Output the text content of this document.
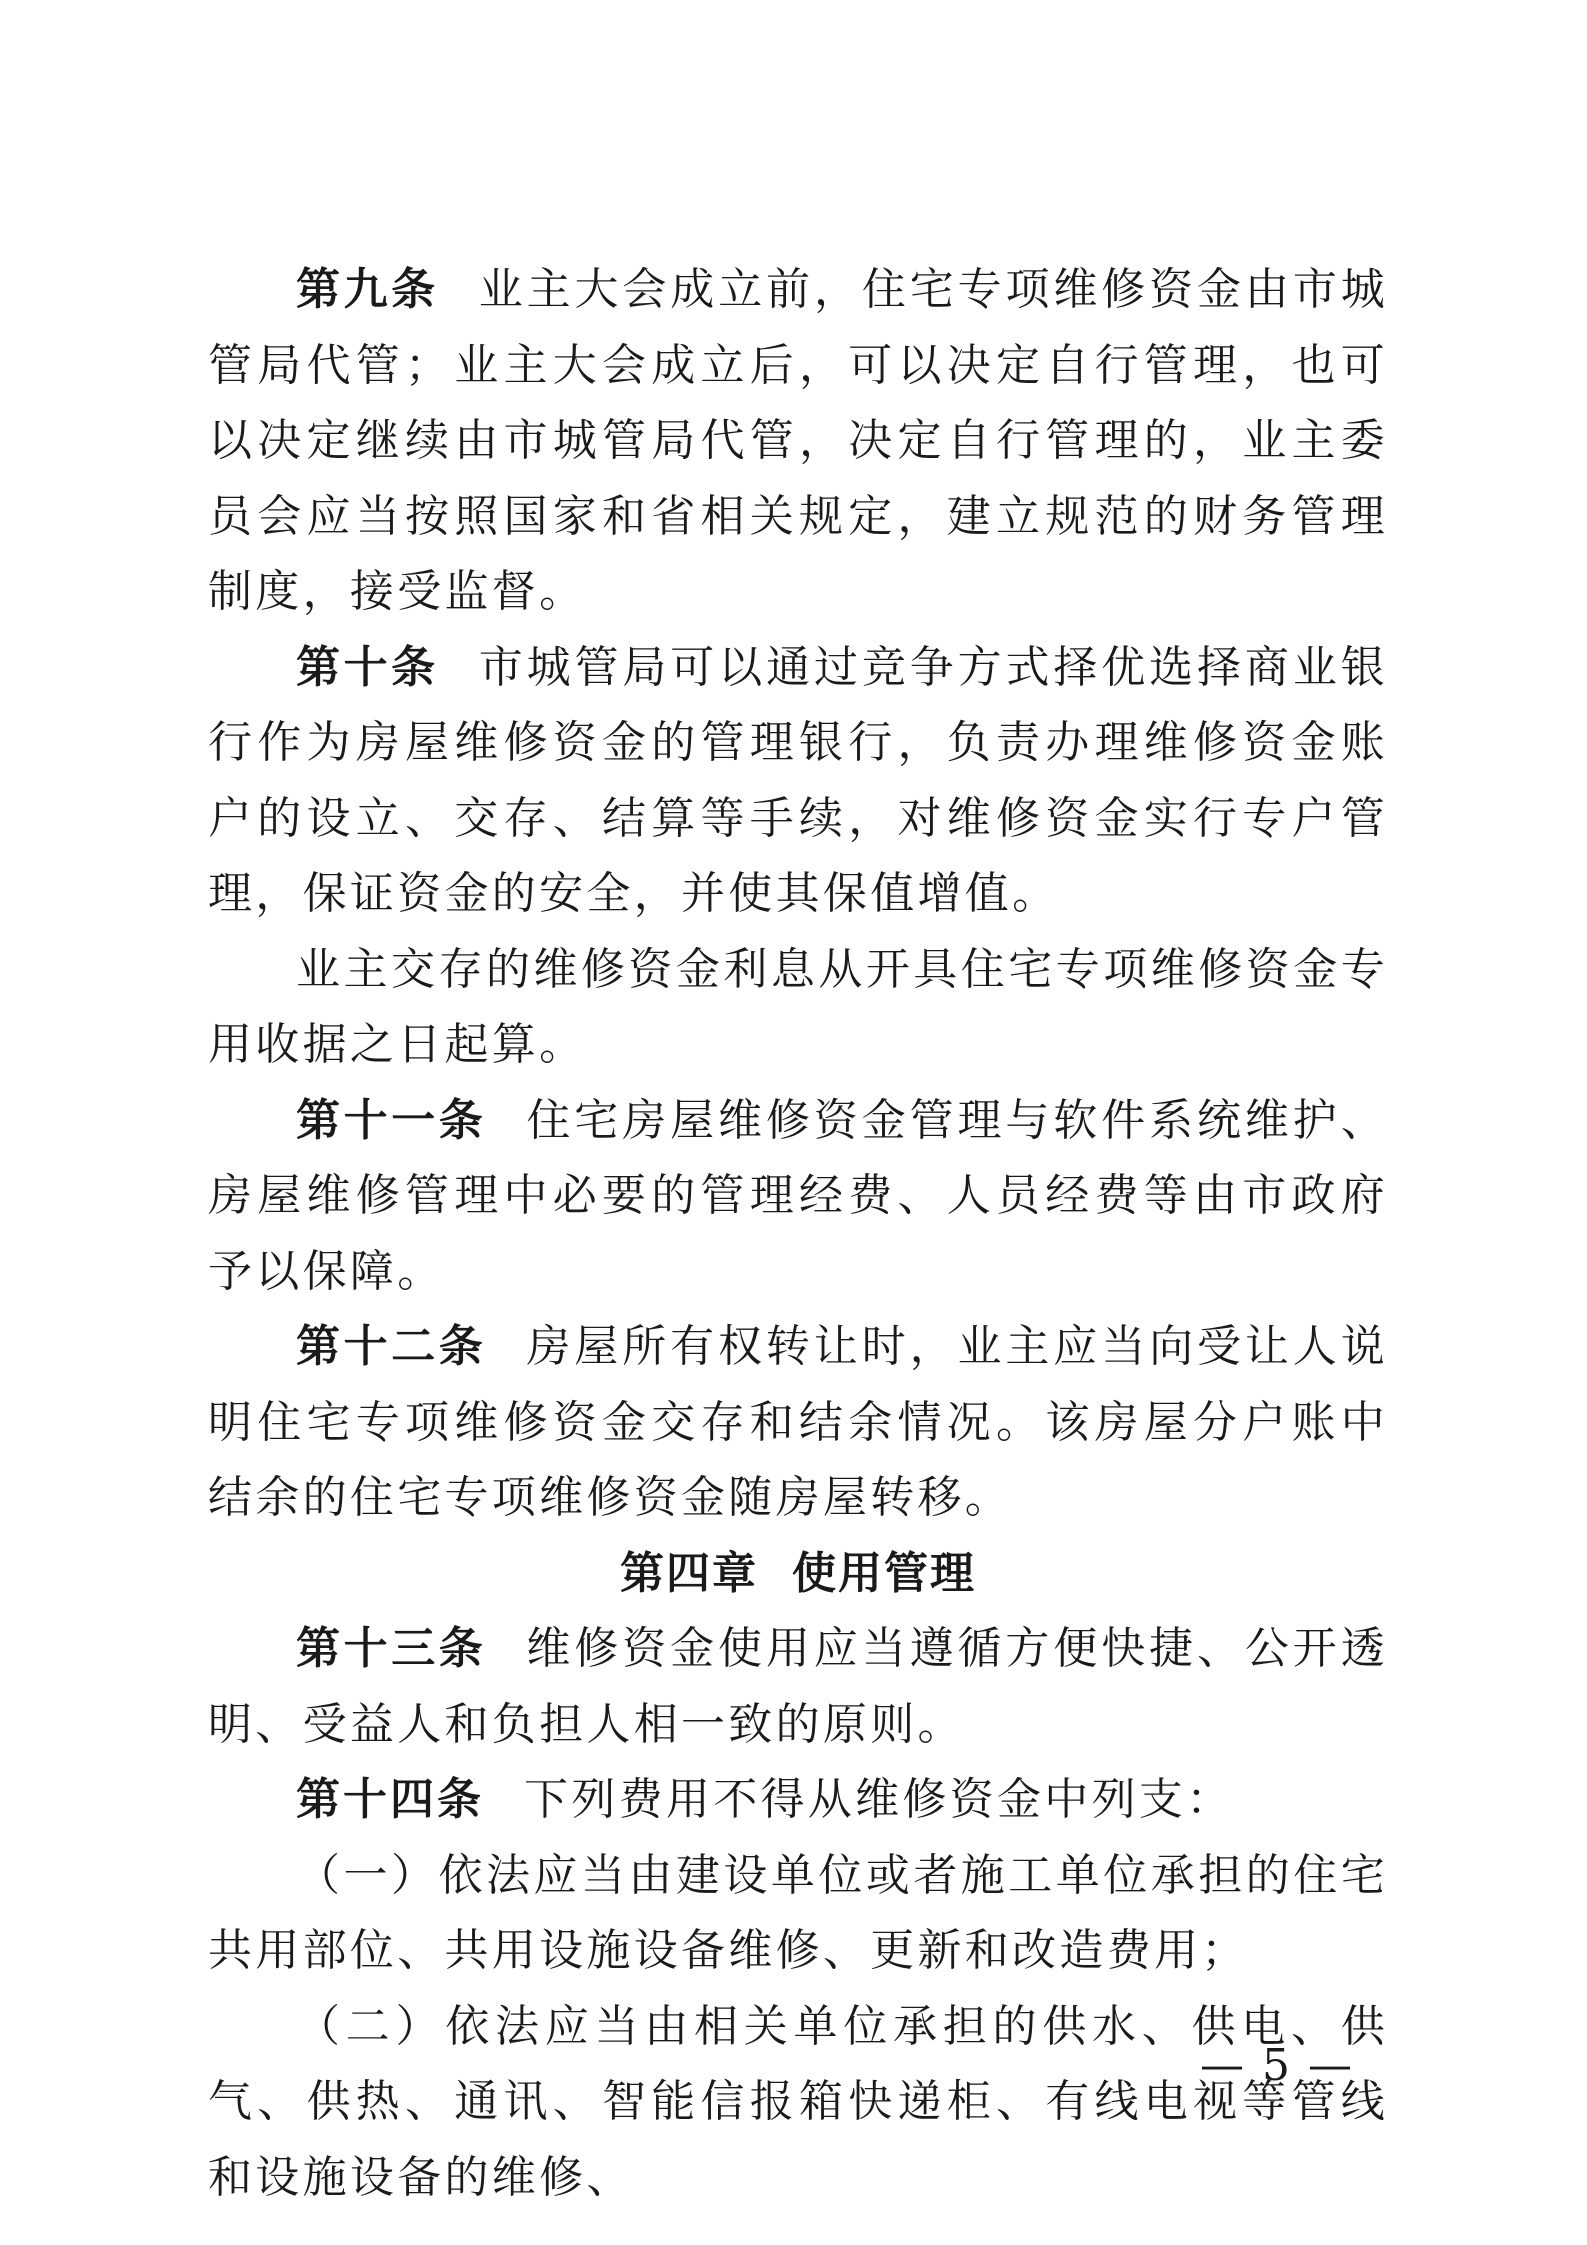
第九条 业主大会成立前，住宅专项维修资金由市城管局代管；业主大会成立后，可以决定自行管理，也可以决定继续由市城管局代管，决定自行管理的，业主委员会应当按照国家和省相关规定，建立规范的财务管理制度，接受监督。

第十条 市城管局可以通过竞争方式择优选择商业银行作为房屋维修资金的管理银行，负责办理维修资金账户的设立、交存、结算等手续，对维修资金实行专户管理，保证资金的安全，并使其保值增值。

业主交存的维修资金利息从开具住宅专项维修资金专用收据之日起算。

第十一条 住宅房屋维修资金管理与软件系统维护、房屋维修管理中必要的管理经费、人员经费等由市政府予以保障。

第十二条 房屋所有权转让时，业主应当向受让人说明住宅专项维修资金交存和结余情况。该房屋分户账中结余的住宅专项维修资金随房屋转移。

第四章 使用管理

第十三条 维修资金使用应当遵循方便快捷、公开透明、受益人和负担人相一致的原则。

第十四条 下列费用不得从维修资金中列支：

（一）依法应当由建设单位或者施工单位承担的住宅共用部位、共用设施设备维修、更新和改造费用；

（二）依法应当由相关单位承担的供水、供电、供气、供热、通讯、智能信报箱快递柜、有线电视等管线和设施设备的维修、

— 5 —
